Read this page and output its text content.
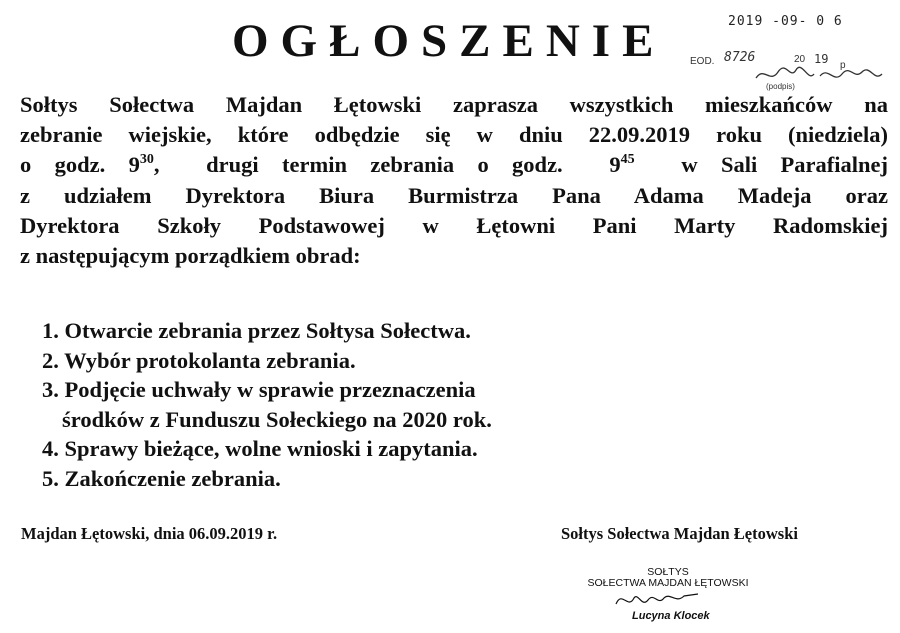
OGŁOSZENIE	2019 -09- 0 6
EOD. 8726	20 19 p
(podpis)
Sołtys Sołectwa Majdan Łętowski zaprasza wszystkich mieszkańców na
zebranie wiejskie, które odbędzie się w dniu 22.09.2019 roku (niedziela)
o godz. $9^{30}$,  drugi termin zebrania o godz. $9^{45}$ w Sali Parafialnej
z udziałem Dyrektora Biura Burmistrza Pana Adama Madeja oraz
Dyrektora Szkoły Podstawowej w Łętowni Pani Marty Radomskiej
z następującym porządkiem obrad:
1. Otwarcie zebrania przez Sołtysa Sołectwa.
2. Wybór protokolanta zebrania.
3. Podjęcie uchwały w sprawie przeznaczenia
środków z Funduszu Sołeckiego na 2020 rok.
4. Sprawy bieżące, wolne wnioski i zapytania.
5. Zakończenie zebrania.
Majdan Łętowski, dnia 06.09.2019 r.	Sołtys Sołectwa Majdan Łętowski
SOŁTYS
SOŁECTWA MAJDAN ŁĘTOWSKI
Lucyna Klocek
